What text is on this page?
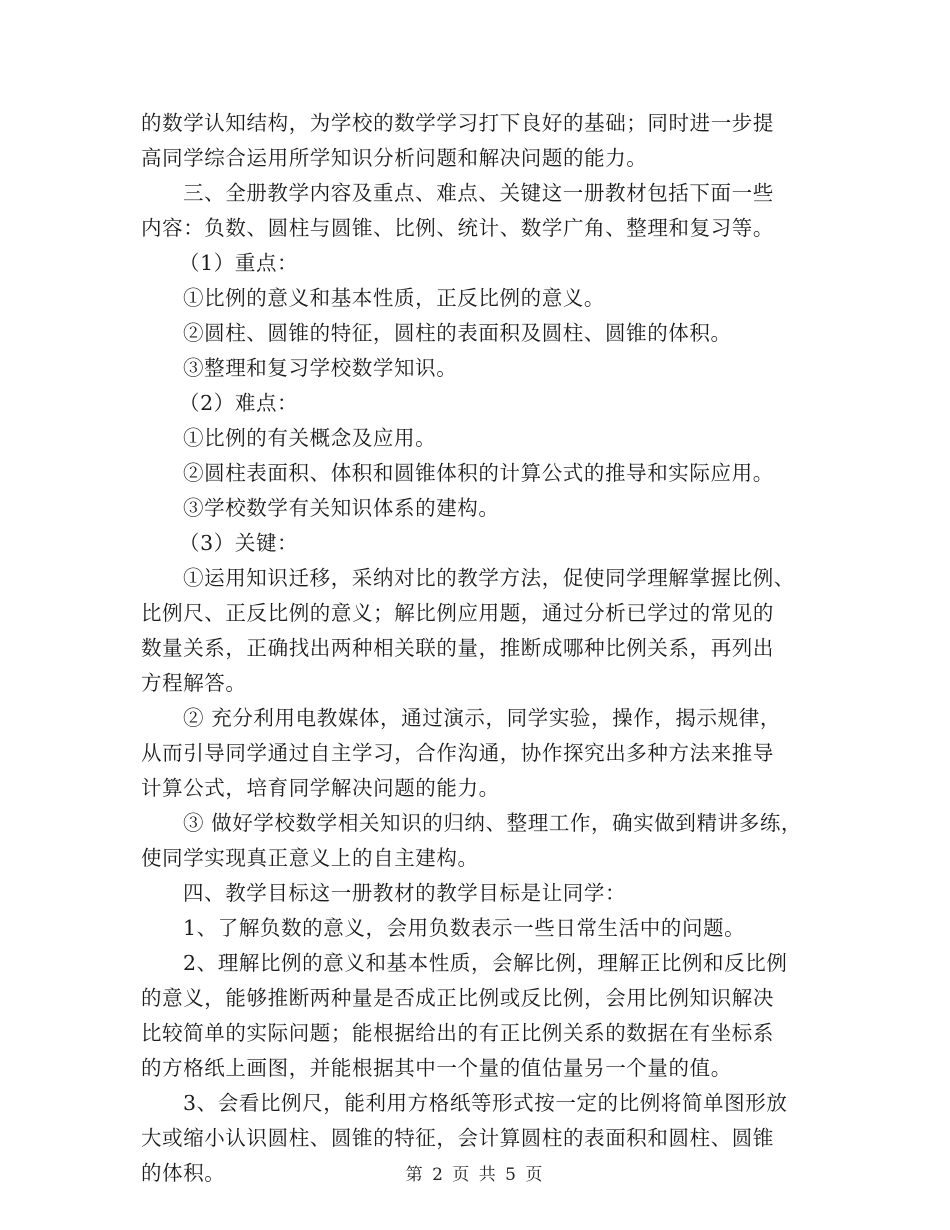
的数学认知结构，为学校的数学学习打下良好的基础；同时进一步提
高同学综合运用所学知识分析问题和解决问题的能力。
三、全册教学内容及重点、难点、关键这一册教材包括下面一些
内容：负数、圆柱与圆锥、比例、统计、数学广角、整理和复习等。
（1）重点：
①比例的意义和基本性质，正反比例的意义。
②圆柱、圆锥的特征，圆柱的表面积及圆柱、圆锥的体积。
③整理和复习学校数学知识。
（2）难点：
①比例的有关概念及应用。
②圆柱表面积、体积和圆锥体积的计算公式的推导和实际应用。
③学校数学有关知识体系的建构。
（3）关键：
①运用知识迁移，采纳对比的教学方法，促使同学理解掌握比例、
比例尺、正反比例的意义；解比例应用题，通过分析已学过的常见的
数量关系，正确找出两种相关联的量，推断成哪种比例关系，再列出
方程解答。
② 充分利用电教媒体，通过演示，同学实验，操作，揭示规律，
从而引导同学通过自主学习，合作沟通，协作探究出多种方法来推导
计算公式，培育同学解决问题的能力。
③ 做好学校数学相关知识的归纳、整理工作，确实做到精讲多练，
使同学实现真正意义上的自主建构。
四、教学目标这一册教材的教学目标是让同学：
1、了解负数的意义，会用负数表示一些日常生活中的问题。
2、理解比例的意义和基本性质，会解比例，理解正比例和反比例
的意义，能够推断两种量是否成正比例或反比例，会用比例知识解决
比较简单的实际问题；能根据给出的有正比例关系的数据在有坐标系
的方格纸上画图，并能根据其中一个量的值估量另一个量的值。
3、会看比例尺，能利用方格纸等形式按一定的比例将简单图形放
大或缩小认识圆柱、圆锥的特征，会计算圆柱的表面积和圆柱、圆锥
的体积。	第 2 页 共 5 页
